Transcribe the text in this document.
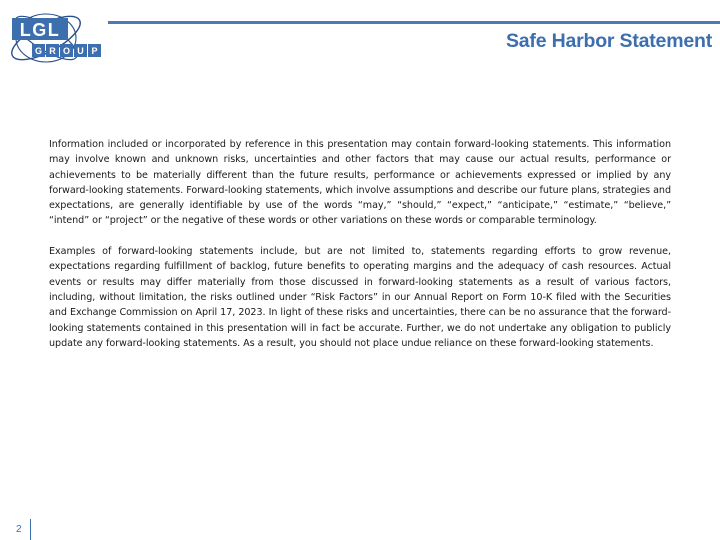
LGL
G R O U P	Safe Harbor Statement

Information included or incorporated by reference in this presentation may contain forward-looking statements. This information may involve known and unknown risks, uncertainties and other factors that may cause our actual results, performance or achievements to be materially different than the future results, performance or achievements expressed or implied by any forward-looking statements. Forward-looking statements, which involve assumptions and describe our future plans, strategies and expectations, are generally identifiable by use of the words “may,” “should,” “expect,” “anticipate,” “estimate,” “believe,” “intend” or “project” or the negative of these words or other variations on these words or comparable terminology.

Examples of forward-looking statements include, but are not limited to, statements regarding efforts to grow revenue, expectations regarding fulfillment of backlog, future benefits to operating margins and the adequacy of cash resources. Actual events or results may differ materially from those discussed in forward-looking statements as a result of various factors, including, without limitation, the risks outlined under “Risk Factors” in our Annual Report on Form 10-K filed with the Securities and Exchange Commission on April 17, 2023. In light of these risks and uncertainties, there can be no assurance that the forward-looking statements contained in this presentation will in fact be accurate. Further, we do not undertake any obligation to publicly update any forward-looking statements. As a result, you should not place undue reliance on these forward-looking statements.

2
